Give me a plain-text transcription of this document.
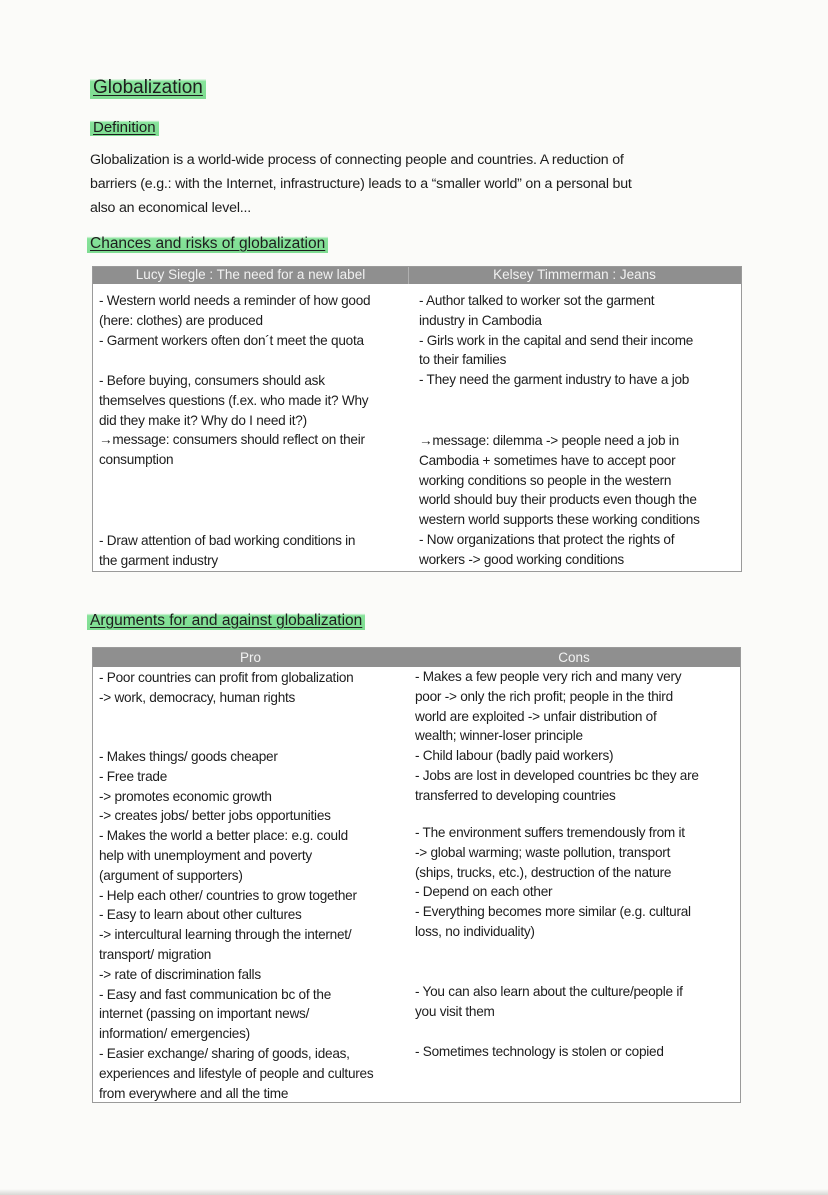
Globalization
Definition
Globalization is a world-wide process of connecting people and countries. A reduction of
barriers (e.g.: with the Internet, infrastructure) leads to a “smaller world” on a personal but
also an economical level...
Chances and risks of globalization
Lucy Siegle : The need for a new label	Kelsey Timmerman : Jeans
- Western world needs a reminder of how good
(here: clothes) are produced
- Garment workers often don´t meet the quota
- Before buying, consumers should ask
themselves questions (f.ex. who made it? Why
did they make it? Why do I need it?)
→message: consumers should reflect on their
consumption
- Draw attention of bad working conditions in
the garment industry
- Author talked to worker sot the garment
industry in Cambodia
- Girls work in the capital and send their income
to their families
- They need the garment industry to have a job
→message: dilemma -> people need a job in
Cambodia + sometimes have to accept poor
working conditions so people in the western
world should buy their products even though the
western world supports these working conditions
- Now organizations that protect the rights of
workers -> good working conditions
Arguments for and against globalization
Pro	Cons
- Poor countries can profit from globalization
-> work, democracy, human rights
- Makes things/ goods cheaper
- Free trade
-> promotes economic growth
-> creates jobs/ better jobs opportunities
- Makes the world a better place: e.g. could
help with unemployment and poverty
(argument of supporters)
- Help each other/ countries to grow together
- Easy to learn about other cultures
-> intercultural learning through the internet/
transport/ migration
-> rate of discrimination falls
- Easy and fast communication bc of the
internet (passing on important news/
information/ emergencies)
- Easier exchange/ sharing of goods, ideas,
experiences and lifestyle of people and cultures
from everywhere and all the time
- Makes a few people very rich and many very
poor -> only the rich profit; people in the third
world are exploited -> unfair distribution of
wealth; winner-loser principle
- Child labour (badly paid workers)
- Jobs are lost in developed countries bc they are
transferred to developing countries
- The environment suffers tremendously from it
-> global warming; waste pollution, transport
(ships, trucks, etc.), destruction of the nature
- Depend on each other
- Everything becomes more similar (e.g. cultural
loss, no individuality)
- You can also learn about the culture/people if
you visit them
- Sometimes technology is stolen or copied
